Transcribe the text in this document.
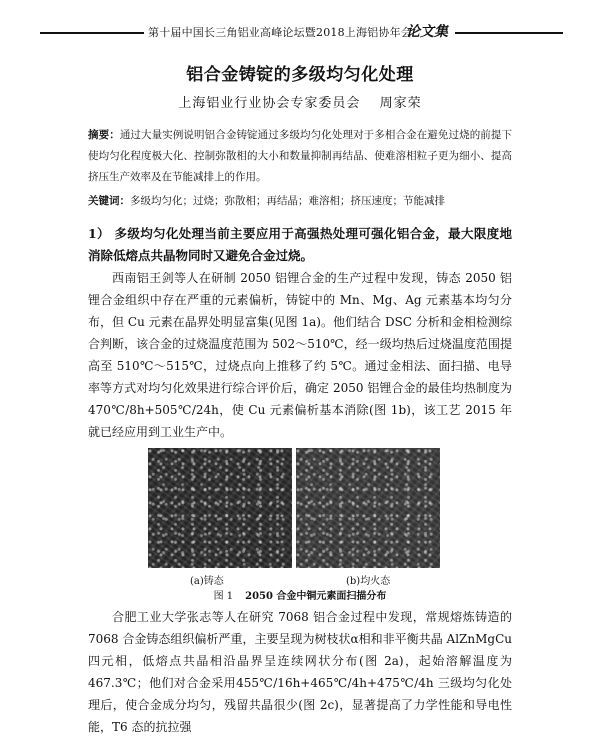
第十届中国长三角铝业高峰论坛暨2018上海铝协年会
论文集
铝合金铸锭的多级均匀化处理
上海铝业行业协会专家委员会 周家荣
摘要：通过大量实例说明铝合金铸锭通过多级均匀化处理对于多相合金在避免过烧的前提下使均匀化程度极大化、控制弥散相的大小和数量抑制再结晶、使难溶相粒子更为细小、提高挤压生产效率及在节能减排上的作用。
关键词：多级均匀化；过烧；弥散相；再结晶；难溶相；挤压速度；节能减排
1） 多级均匀化处理当前主要应用于高强热处理可强化铝合金，最大限度地消除低熔点共晶物同时又避免合金过烧。
西南铝王剑等人在研制 2050 铝锂合金的生产过程中发现，铸态 2050 铝锂合金组织中存在严重的元素偏析，铸锭中的 Mn、Mg、Ag 元素基本均匀分布，但 Cu 元素在晶界处明显富集(见图 1a)。他们结合 DSC 分析和金相检测综合判断，该合金的过烧温度范围为 502～510℃，经一级均热后过烧温度范围提高至 510℃～515℃，过烧点向上推移了约 5℃。通过金相法、面扫描、电导率等方式对均匀化效果进行综合评价后，确定 2050 铝锂合金的最佳均热制度为 470℃/8h+505℃/24h，使 Cu 元素偏析基本消除(图 1b)，该工艺 2015 年就已经应用到工业生产中。
(a)铸态	(b)均火态
图 1 2050 合金中铜元素面扫描分布
合肥工业大学张志等人在研究 7068 铝合金过程中发现，常规熔炼铸造的 7068 合金铸态组织偏析严重，主要呈现为树枝状α相和非平衡共晶 AlZnMgCu 四元相，低熔点共晶相沿晶界呈连续网状分布(图 2a)，起始溶解温度为 467.3℃；他们对合金采用455℃/16h+465℃/4h+475℃/4h 三级均匀化处理后，使合金成分均匀，残留共晶很少(图 2c)，显著提高了力学性能和导电性能，T6 态的抗拉强
